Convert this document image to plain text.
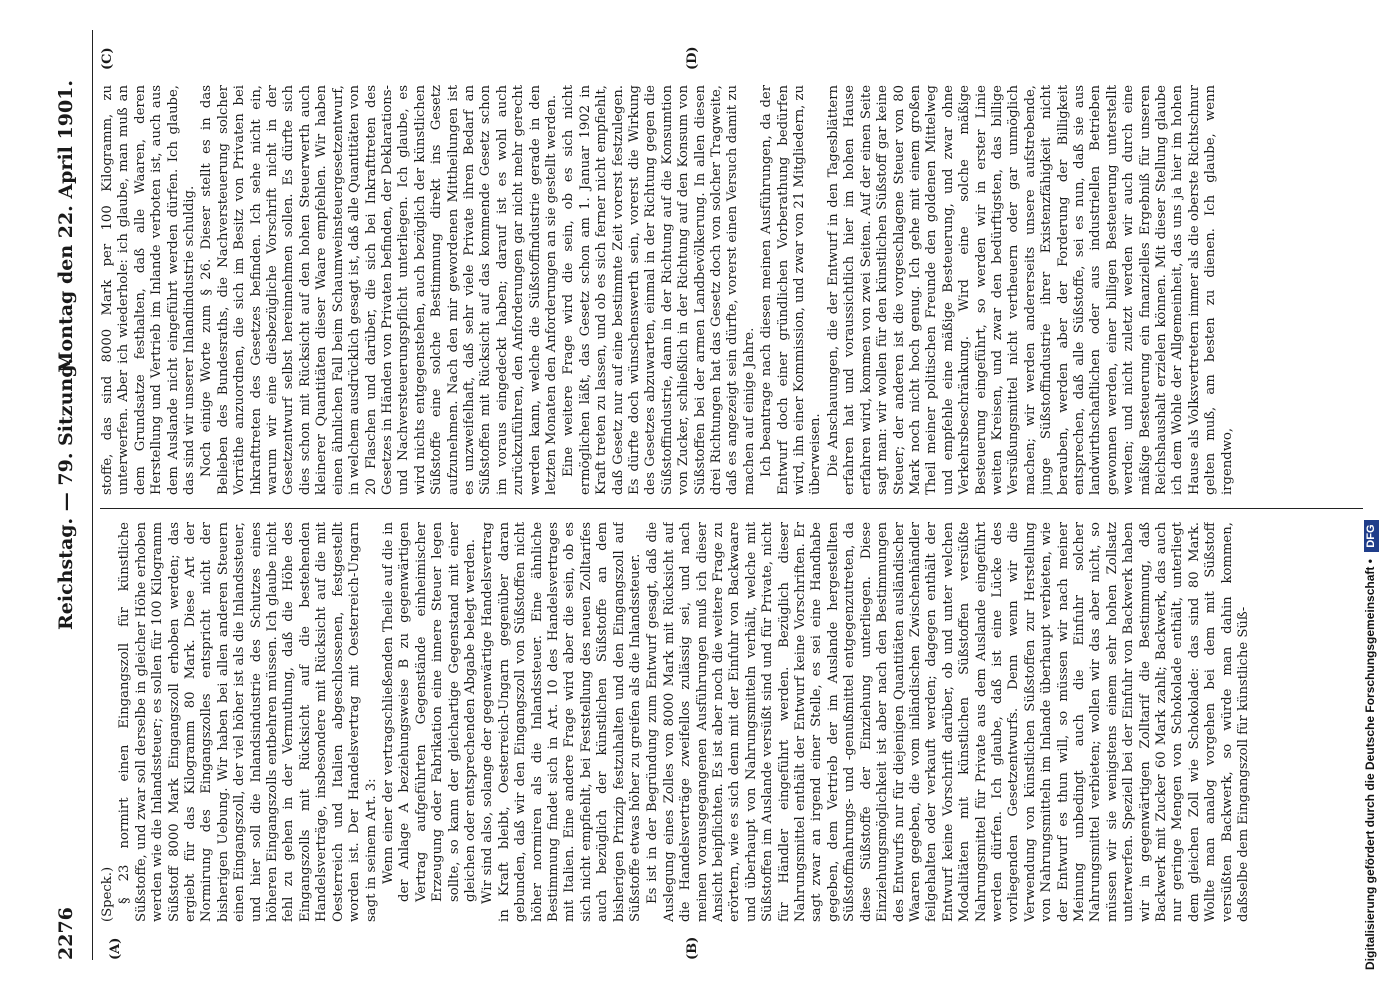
2276
Reichstag. — 79. Sitzung.
Montag den 22. April 1901.
(A)	(B)
(C)	(D)

(Speck.) § 23 normirt einen Eingangszoll für künstliche Süßstoffe, und zwar soll derselbe in gleicher Höhe erhoben werden wie die Inlandssteuer; es sollen für 100 Kilogramm Süßstoff 8000 Mark Eingangszoll erhoben werden; das ergiebt für das Kilogramm 80 Mark. Diese Art der Normirung des Eingangszolles entspricht nicht der bisherigen Uebung. Wir haben bei allen anderen Steuern einen Eingangszoll, der viel höher ist als die Inlandssteuer, und hier soll die Inlandsindustrie des Schutzes eines höheren Eingangszolls entbehren müssen. Ich glaube nicht fehl zu gehen in der Vermuthung, daß die Höhe des Eingangszolls mit Rücksicht auf die bestehenden Handelsverträge, insbesondere mit Rücksicht auf die mit Oesterreich und Italien abgeschlossenen, festgestellt worden ist. Der Handelsvertrag mit Oesterreich-Ungarn sagt in seinem Art. 3: Wenn einer der vertragschließenden Theile auf die in der Anlage A beziehungsweise B zu gegenwärtigen Vertrag aufgeführten Gegenstände einheimischer Erzeugung oder Fabrikation eine innere Steuer legen sollte, so kann der gleichartige Gegenstand mit einer gleichen oder entsprechenden Abgabe belegt werden. Wir sind also, solange der gegenwärtige Handelsvertrag in Kraft bleibt, Oesterreich-Ungarn gegenüber daran gebunden, daß wir den Eingangszoll von Süßstoffen nicht höher normiren als die Inlandssteuer. Eine ähnliche Bestimmung findet sich in Art. 10 des Handelsvertrages mit Italien. Eine andere Frage wird aber die sein, ob es sich nicht empfiehlt, bei Feststellung des neuen Zolltarifes auch bezüglich der künstlichen Süßstoffe an dem bisherigen Prinzip festzuhalten und den Eingangszoll auf Süßstoffe etwas höher zu greifen als die Inlandssteuer. Es ist in der Begründung zum Entwurf gesagt, daß die Auslegung eines Zolles von 8000 Mark mit Rücksicht auf die Handelsverträge zweifellos zulässig sei, und nach meinen vorausgegangenen Ausführungen muß ich dieser Ansicht beipflichten. Es ist aber noch die weitere Frage zu erörtern, wie es sich denn mit der Einfuhr von Backwaare und überhaupt von Nahrungsmitteln verhält, welche mit Süßstoffen im Auslande versüßt sind und für Private, nicht für Händler eingeführt werden. Bezüglich dieser Nahrungsmittel enthält der Entwurf keine Vorschriften. Er sagt zwar an irgend einer Stelle, es sei eine Handhabe gegeben, dem Vertrieb der im Auslande hergestellten Süßstoffnahrungs- und -genußmittel entgegenzutreten, da diese Süßstoffe der Einziehung unterliegen. Diese Einziehungsmöglichkeit ist aber nach den Bestimmungen des Entwurfs nur für diejenigen Quantitäten ausländischer Waaren gegeben, die vom inländischen Zwischenhändler feilgehalten oder verkauft werden; dagegen enthält der Entwurf keine Vorschrift darüber, ob und unter welchen Modalitäten mit künstlichen Süßstoffen versüßte Nahrungsmittel für Private aus dem Auslande eingeführt werden dürfen. Ich glaube, daß ist eine Lücke des vorliegenden Gesetzentwurfs. Denn wenn wir die Verwendung von künstlichen Süßstoffen zur Herstellung von Nahrungsmitteln im Inlande überhaupt verbieten, wie der Entwurf es thun will, so müssen wir nach meiner Meinung unbedingt auch die Einfuhr solcher Nahrungsmittel verbieten; wollen wir das aber nicht, so müssen wir sie wenigstens einem sehr hohen Zollsatz unterwerfen. Speziell bei der Einfuhr von Backwerk haben wir in gegenwärtigen Zolltarif die Bestimmung, daß Backwerk mit Zucker 60 Mark zahlt; Backwerk, das auch nur geringe Mengen von Schokolade enthält, unterliegt dem gleichen Zoll wie Schokolade: das sind 80 Mark. Wollte man analog vorgehen bei dem mit Süßstoff versüßten Backwerk, so würde man dahin kommen, daßselbe dem Eingangszoll für künstliche Süß-

stoffe, das sind 8000 Mark per 100 Kilogramm, zu unterwerfen. Aber ich wiederhole: ich glaube, man muß an dem Grundsatze festhalten, daß alle Waaren, deren Herstellung und Vertrieb im Inlande verboten ist, auch aus dem Auslande nicht eingeführt werden dürfen. Ich glaube, das sind wir unserer Inlandindustrie schuldig. Noch einige Worte zum § 26. Dieser stellt es in das Belieben des Bundesraths, die Nachversteuerung solcher Vorräthe anzuordnen, die sich im Besitz von Privaten bei Inkrafttreten des Gesetzes befinden. Ich sehe nicht ein, warum wir eine diesbezügliche Vorschrift nicht in der Gesetzentwurf selbst hereinnehmen sollen. Es dürfte sich dies schon mit Rücksicht auf den hohen Steuerwerth auch kleinerer Quantitäten dieser Waare empfehlen. Wir haben einen ähnlichen Fall beim Schaumweinsteuergesetzentwurf, in welchem ausdrücklich gesagt ist, daß alle Quantitäten von 20 Flaschen und darüber, die sich bei Inkrafttreten des Gesetzes in Händen von Privaten befinden, der Deklarations- und Nachversteuerungspflicht unterliegen. Ich glaube, es wird nichts entgegenstehen, auch bezüglich der künstlichen Süßstoffe eine solche Bestimmung direkt ins Gesetz aufzunehmen. Nach den mir gewordenen Mittheilungen ist es unzweifelhaft, daß sehr viele Private ihren Bedarf an Süßstoffen mit Rücksicht auf das kommende Gesetz schon im voraus eingedeckt haben; darauf ist es wohl auch zurückzuführen, den Anforderungen gar nicht mehr gerecht werden kann, welche die Süßstoffindustrie gerade in den letzten Monaten den Anforderungen an sie gestellt werden. Eine weitere Frage wird die sein, ob es sich nicht ermöglichen läßt, das Gesetz schon am 1. Januar 1902 in Kraft treten zu lassen, und ob es sich ferner nicht empfiehlt, daß Gesetz nur auf eine bestimmte Zeit vorerst festzulegen. Es dürfte doch wünschenswerth sein, vorerst die Wirkung des Gesetzes abzuwarten, einmal in der Richtung gegen die Süßstoffindustrie, dann in der Richtung auf die Konsumtion von Zucker, schließlich in der Richtung auf den Konsum von Süßstoffen bei der armen Landbevölkerung. In allen diesen drei Richtungen hat das Gesetz doch von solcher Tragweite, daß es angezeigt sein dürfte, vorerst einen Versuch damit zu machen auf einige Jahre. Ich beantrage nach diesen meinen Ausführungen, da der Entwurf doch einer gründlichen Vorberathung bedürfen wird, ihn einer Kommission, und zwar von 21 Mitgliedern, zu überweisen. Die Anschauungen, die der Entwurf in den Tagesblättern erfahren hat und voraussichtlich hier im hohen Hause erfahren wird, kommen von zwei Seiten. Auf der einen Seite sagt man: wir wollen für den künstlichen Süßstoff gar keine Steuer; der anderen ist die vorgeschlagene Steuer von 80 Mark noch nicht hoch genug. Ich gehe mit einem großen Theil meiner politischen Freunde den goldenen Mittelweg und empfehle eine mäßige Besteuerung, und zwar ohne Verkehrsbeschränkung. Wird eine solche mäßige Besteuerung eingeführt, so werden wir in erster Linie weiten Kreisen, und zwar den bedürftigsten, das billige Versüßungsmittel nicht vertheuern oder gar unmöglich machen; wir werden andererseits unsere aufstrebende, junge Süßstoffindustrie ihrer Existenzfähigkeit nicht berauben, werden aber der Forderung der Billigkeit entsprechen, daß alle Süßstoffe, sei es nun, daß sie aus landwirthschaftlichen oder aus industriellen Betrieben gewonnen werden, einer billigen Besteuerung unterstellt werden; und nicht zuletzt werden wir auch durch eine mäßige Besteuerung ein finanzielles Ergebniß für unseren Reichshaushalt erzielen können. Mit dieser Stellung glaube ich dem Wohle der Allgemeinheit, das uns ja hier im hohen Hause als Volksvertretern immer als die oberste Richtschnur gelten muß, am besten zu dienen. Ich glaube, wenn irgendwo,

Digitalisierung gefördert durch die Deutsche Forschungsgemeinschaft • DFG
